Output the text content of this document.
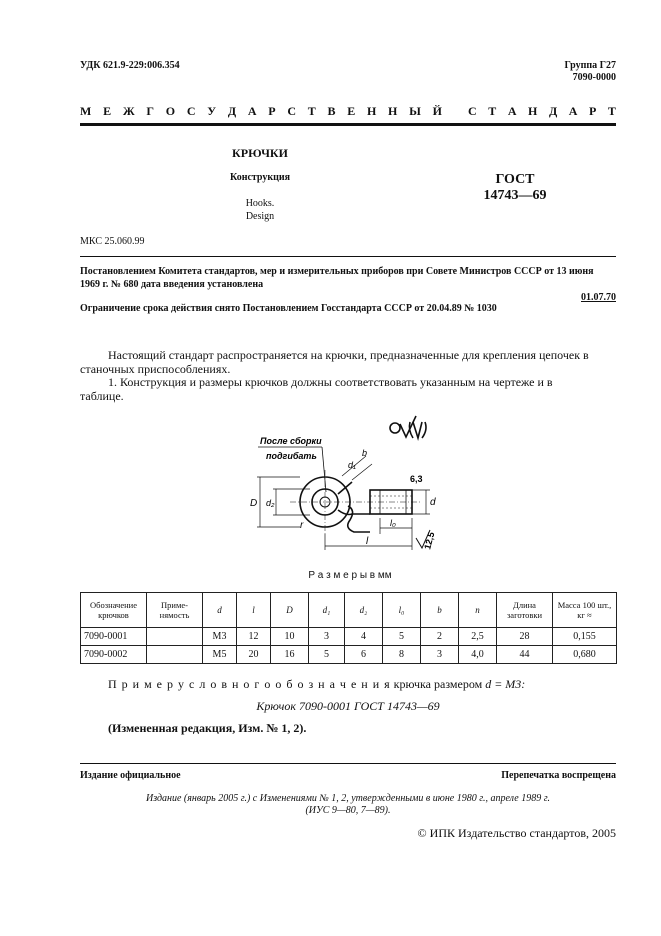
УДК 621.9-229:006.354	Группа Г27
7090-0000
М Е Ж Г О С У Д А Р С Т В Е Н Н Ы Й С Т А Н Д А Р Т
КРЮЧКИ
Конструкция
Hooks.
Design
ГОСТ
14743—69
МКС 25.060.99
Постановлением Комитета стандартов, мер и измерительных приборов при Совете Министров СССР от 13 июня
1969 г. № 680 дата введения установлена
01.07.70
Ограничение срока действия снято Постановлением Госстандарта СССР от 20.04.89 № 1030
Настоящий стандарт распространяется на крючки, предназначенные для крепления цепочек в
станочных приспособлениях.
1. Конструкция и размеры крючков должны соответствовать указанным на чертеже и в
таблице.
После сборки
подгибать
D d₂
d₁
b
r
d
l₀
l
6,3
12,5
Р а з м е р ы в мм
Обозначение крючков	Приме-нямость	d	l	D	d₁	d₂	l₀	b	n	Длина заготовки	Масса 100 шт., кг ≈
7090-0001		M3	12	10	3	4	5	2	2,5	28	0,155
7090-0002		M5	20	16	5	6	8	3	4,0	44	0,680
П р и м е р у с л о в н о г о о б о з н а ч е н и я крючка размером d = M3:
Крючок 7090-0001 ГОСТ 14743—69
(Измененная редакция, Изм. № 1, 2).
Издание официальное	Перепечатка воспрещена
Издание (январь 2005 г.) с Изменениями № 1, 2, утвержденными в июне 1980 г., апреле 1989 г.
(ИУС 9—80, 7—89).
© ИПК Издательство стандартов, 2005
